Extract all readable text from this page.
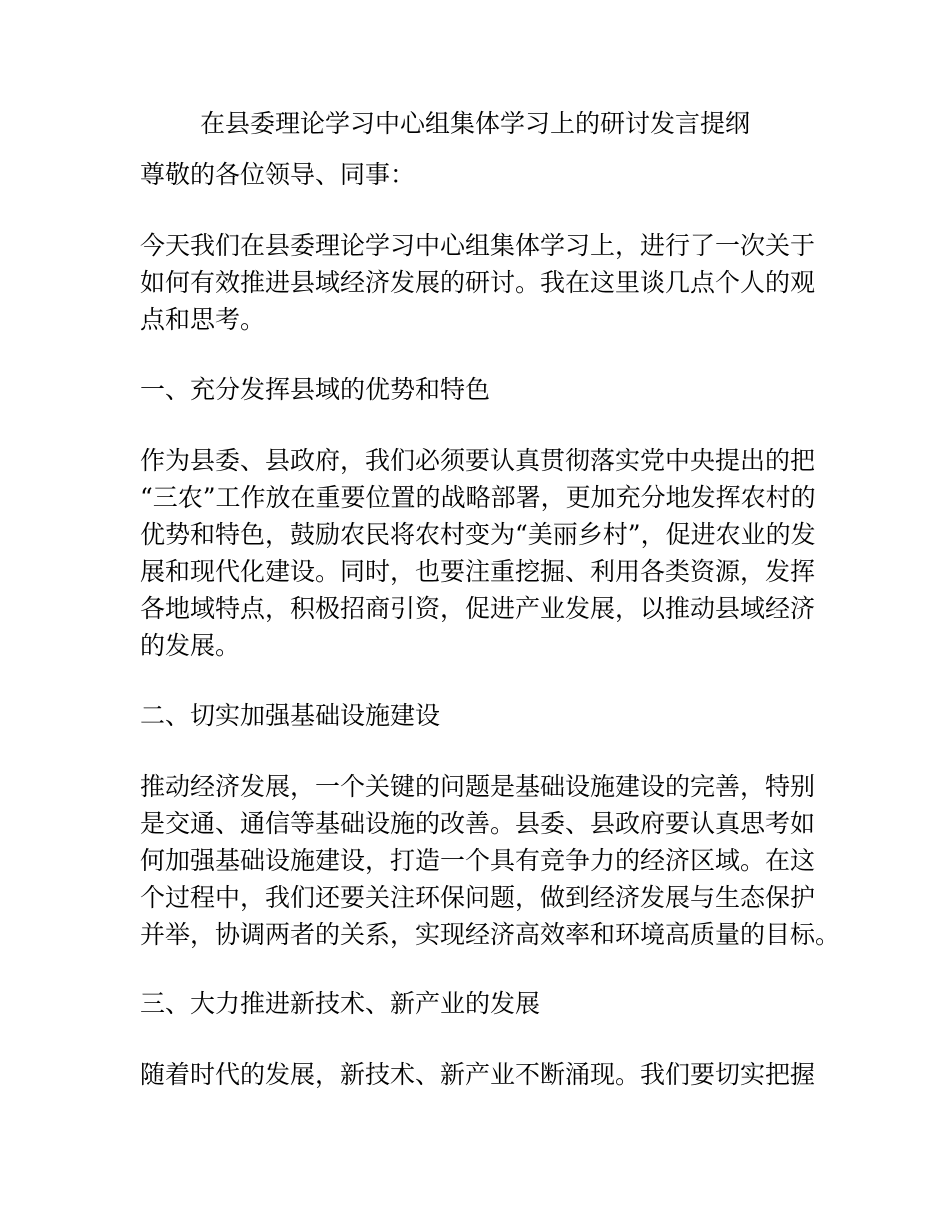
在县委理论学习中心组集体学习上的研讨发言提纲
尊敬的各位领导、同事：
今天我们在县委理论学习中心组集体学习上，进行了一次关于
如何有效推进县域经济发展的研讨。我在这里谈几点个人的观
点和思考。
一、充分发挥县域的优势和特色
作为县委、县政府，我们必须要认真贯彻落实党中央提出的把
“三农”工作放在重要位置的战略部署，更加充分地发挥农村的
优势和特色，鼓励农民将农村变为“美丽乡村”，促进农业的发
展和现代化建设。同时，也要注重挖掘、利用各类资源，发挥
各地域特点，积极招商引资，促进产业发展，以推动县域经济
的发展。
二、切实加强基础设施建设
推动经济发展，一个关键的问题是基础设施建设的完善，特别
是交通、通信等基础设施的改善。县委、县政府要认真思考如
何加强基础设施建设，打造一个具有竞争力的经济区域。在这
个过程中，我们还要关注环保问题，做到经济发展与生态保护
并举，协调两者的关系，实现经济高效率和环境高质量的目标。
三、大力推进新技术、新产业的发展
随着时代的发展，新技术、新产业不断涌现。我们要切实把握
